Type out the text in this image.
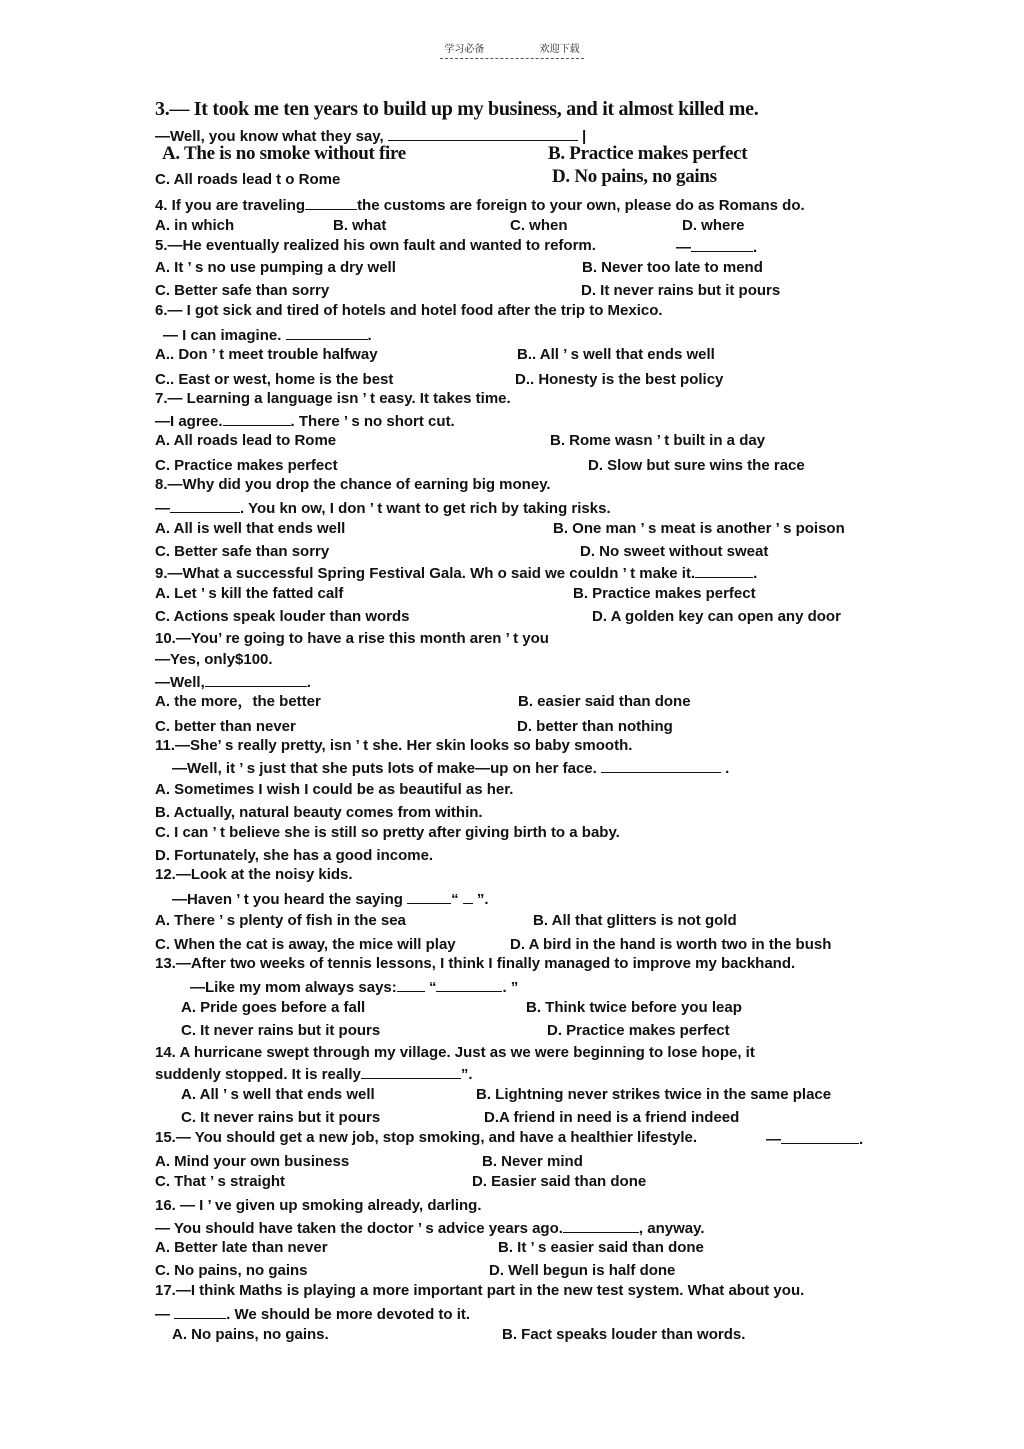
学习必备	欢迎下载
3.— It took me ten years to build up my business, and it almost killed me.
—Well, you know what they say,	|
A. The is no smoke without fire	B. Practice makes perfect
C. All roads lead t o Rome	D. No pains, no gains
4. If you are traveling	the customs are foreign to your own, please do as Romans do.
A. in which	B. what	C. when	D. where
5.—He eventually realized his own fault and wanted to reform.	—	.
A. It ’ s no use pumping a dry well	B. Never too late to mend
C. Better safe than sorry	D. It never rains but it pours
6.— I got sick and tired of hotels and hotel food after the trip to Mexico.
— I can imagine.	.
A.. Don ’ t meet trouble halfway	B.. All ’ s well that ends well
C.. East or west, home is the best	D.. Honesty is the best policy
7.— Learning a language isn ’ t easy. It takes time.
—I agree.	. There ’ s no short cut.
A. All roads lead to Rome	B. Rome wasn ’ t built in a day
C. Practice makes perfect	D. Slow but sure wins the race
8.—Why did you drop the chance of earning big money.
—	. You kn ow, I don ’ t want to get rich by taking risks.
A. All is well that ends well	B. One man ’ s meat is another ’ s poison
C. Better safe than sorry	D. No sweet without sweat
9.—What a successful Spring Festival Gala. Wh o said we couldn ’ t make it.	.
A. Let ’ s kill the fatted calf	B. Practice makes perfect
C. Actions speak louder than words	D. A golden key can open any door
10.—You’ re going to have a rise this month aren ’ t you
—Yes, only$100.
—Well,	.
A. the more，the better	B. easier said than done
C. better than never	D. better than nothing
11.—She’ s really pretty, isn ’ t she. Her skin looks so baby smooth.
—Well, it ’ s just that she puts lots of make—up on her face.	.
A. Sometimes I wish I could be as beautiful as her.
B. Actually, natural beauty comes from within.
C. I can ’ t believe she is still so pretty after giving birth to a baby.
D. Fortunately, she has a good income.
12.—Look at the noisy kids.
—Haven ’ t you heard the saying	“  ”.
A. There ’ s plenty of fish in the sea	B. All that glitters is not gold
C. When the cat is away, the mice will play	D. A bird in the hand is worth two in the bush
13.—After two weeks of tennis lessons, I think I finally managed to improve my backhand.
—Like my mom always says: “	. ”
A. Pride goes before a fall	B. Think twice before you leap
C. It never rains but it pours	D. Practice makes perfect
14. A hurricane swept through my village. Just as we were beginning to lose hope, it
suddenly stopped. It is really	”.
A. All ’ s well that ends well	B. Lightning never strikes twice in the same place
C. It never rains but it pours	D.A friend in need is a friend indeed
15.— You should get a new job, stop smoking, and have a healthier lifestyle.	—	.
A. Mind your own business	B. Never mind
C. That ’ s straight	D. Easier said than done
16. — I ’ ve given up smoking already, darling.
— You should have taken the doctor ’ s advice years ago.	, anyway.
A. Better late than never	B. It ’ s easier said than done
C. No pains, no gains	D. Well begun is half done
17.—I think Maths is playing a more important part in the new test system. What about you.
—	. We should be more devoted to it.
A. No pains, no gains.	B. Fact speaks louder than words.
